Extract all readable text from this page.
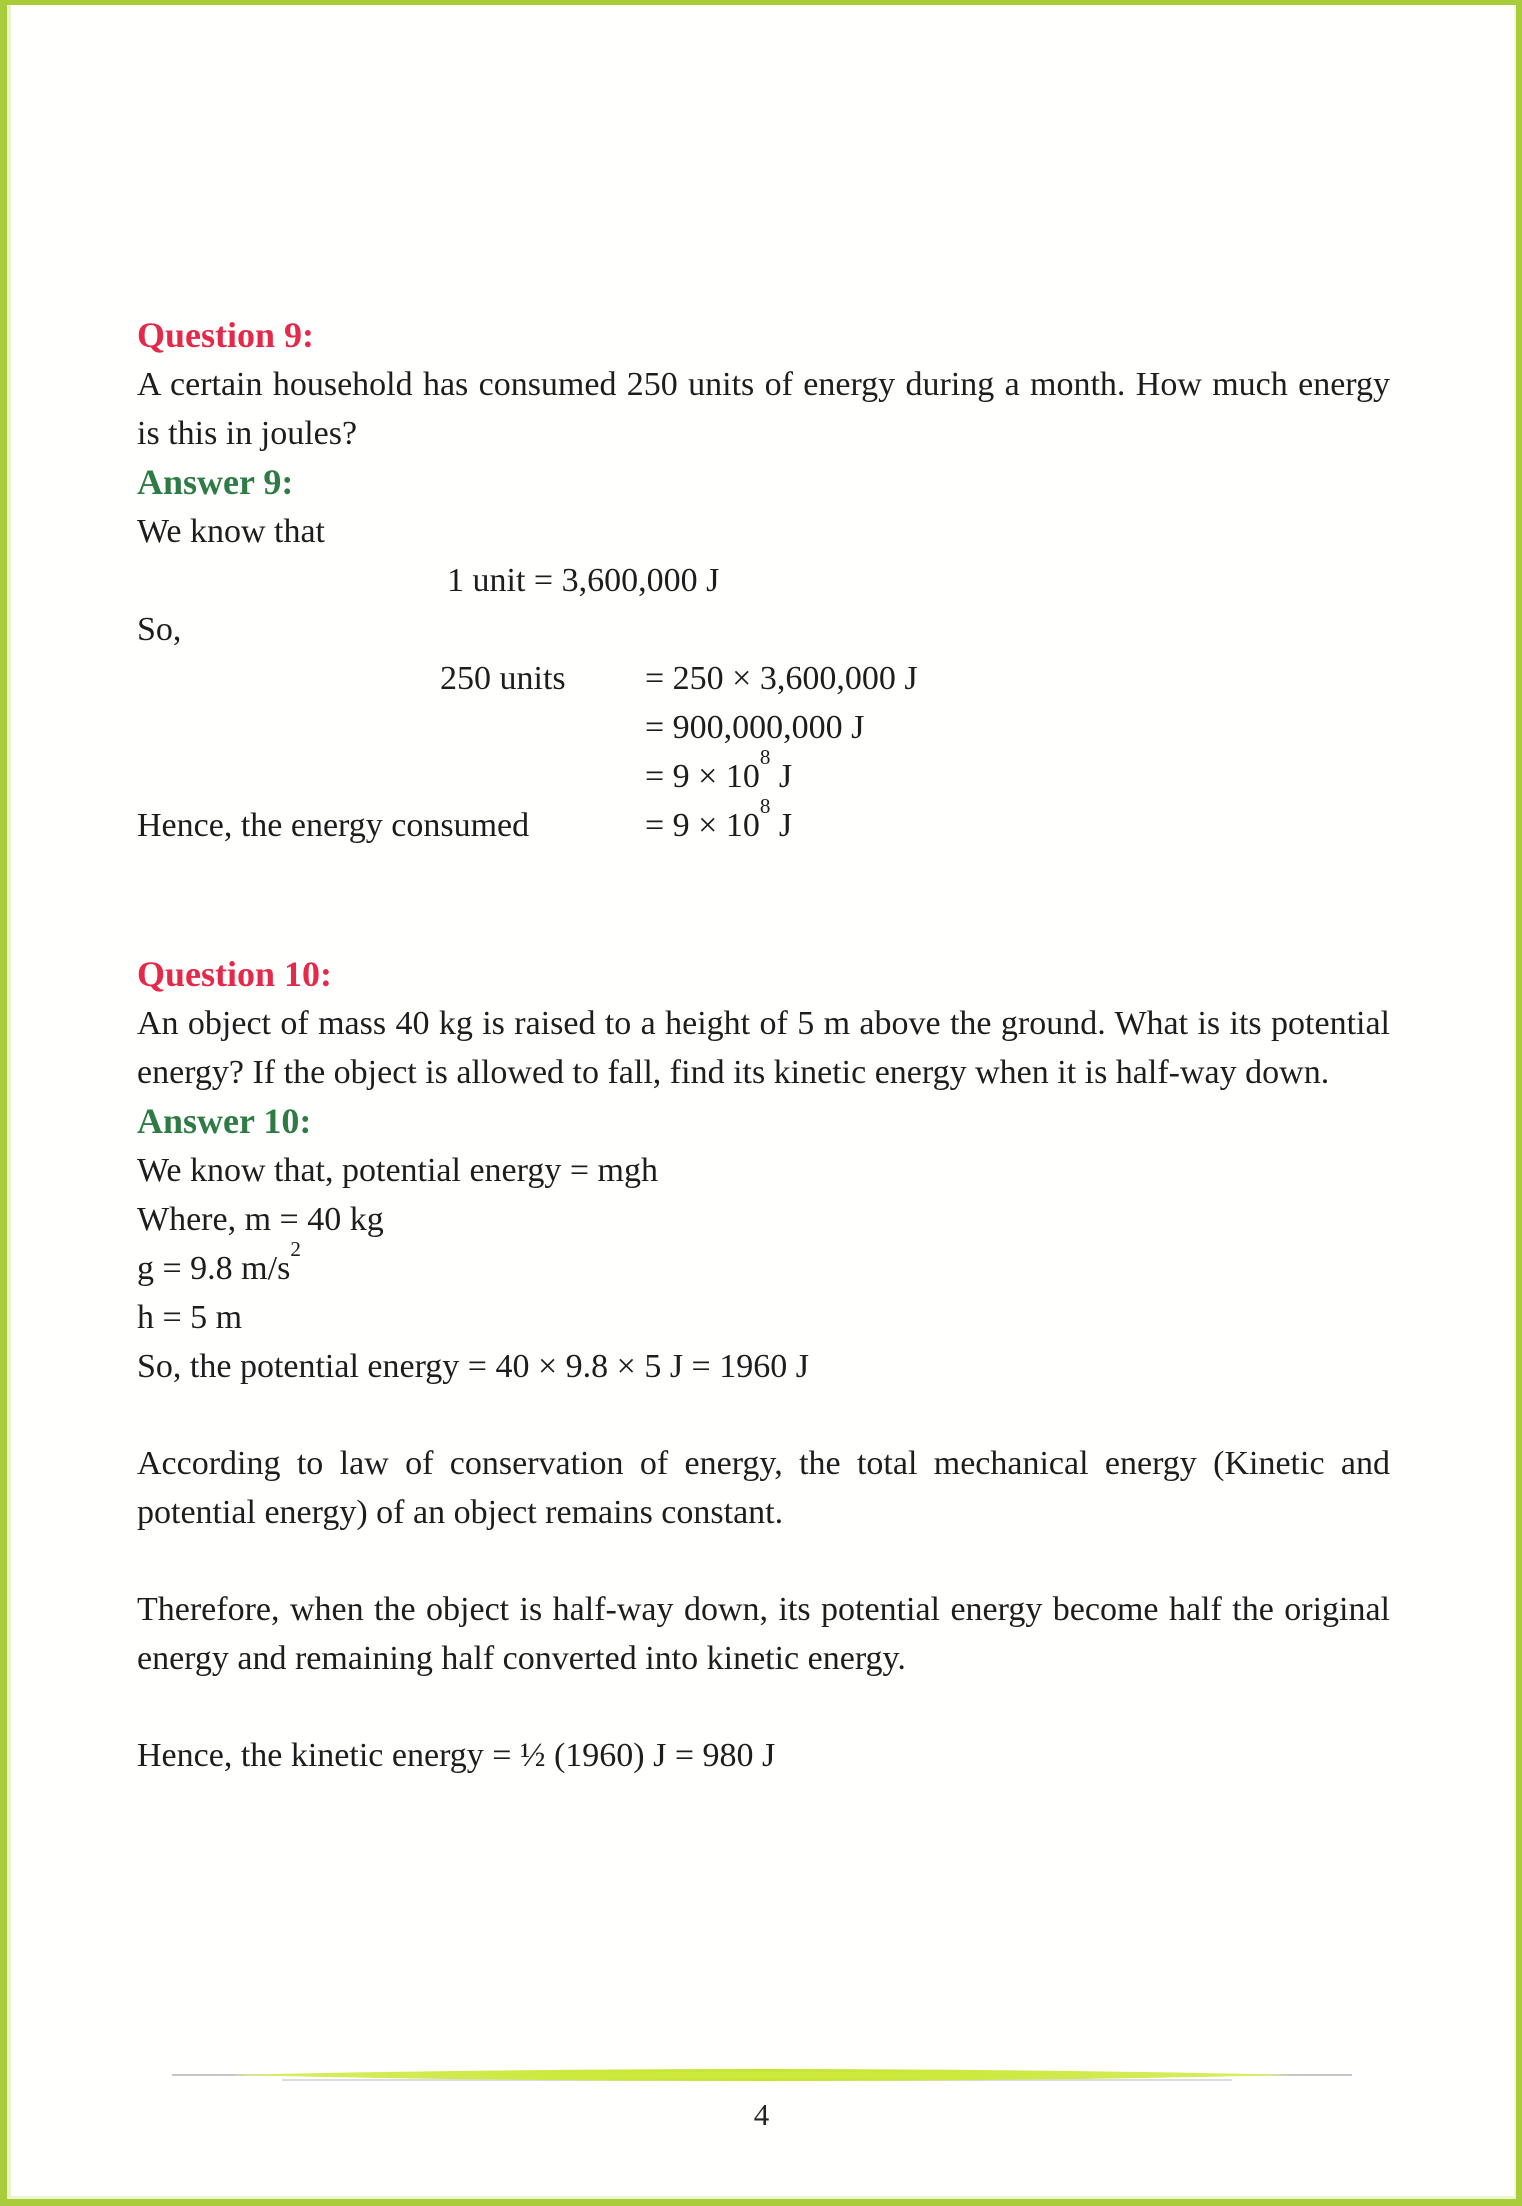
Question 9:

A certain household has consumed 250 units of energy during a month. How much energy is this in joules?

Answer 9:
We know that
1 unit = 3,600,000 J
So,
250 units	= 250 × 3,600,000 J
= 900,000,000 J
= $9 \times 10^8$ J
Hence, the energy consumed	= $9 \times 10^8$ J
Question 10:

An object of mass 40 kg is raised to a height of 5 m above the ground. What is its potential energy? If the object is allowed to fall, find its kinetic energy when it is half-way down.

Answer 10:
We know that, potential energy = mgh
Where, m = 40 kg
g = 9.8 $m/s^2$
h = 5 m
So, the potential energy = 40 × 9.8 × 5 J = 1960 J

According to law of conservation of energy, the total mechanical energy (Kinetic and potential energy) of an object remains constant.

Therefore, when the object is half-way down, its potential energy become half the original energy and remaining half converted into kinetic energy.

Hence, the kinetic energy = ½ (1960) J = 980 J

4
